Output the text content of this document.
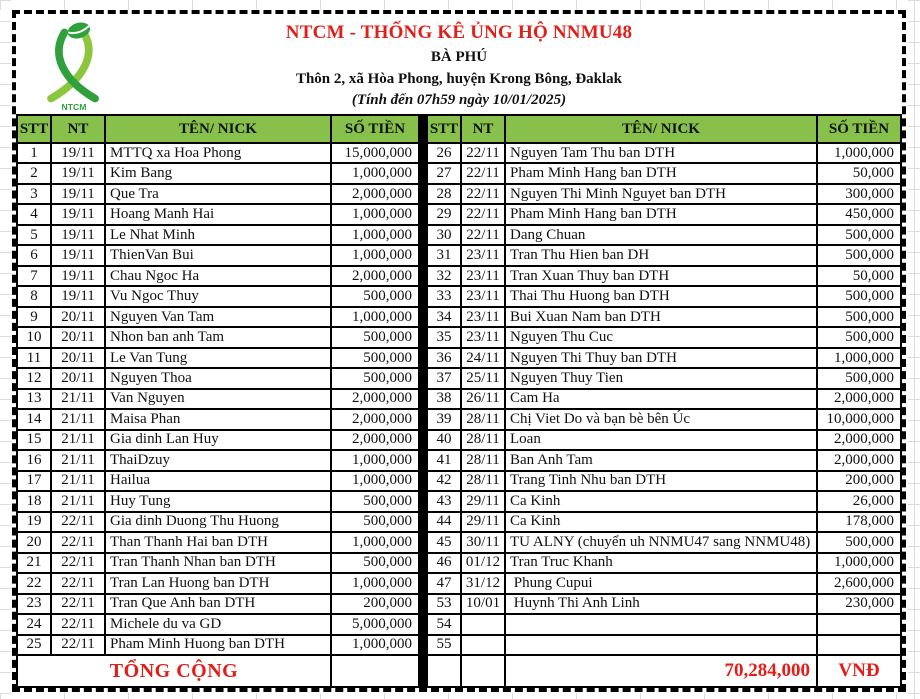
NTCM
NTCM - THỐNG KÊ ỦNG HỘ NNMU48
BÀ PHÚ
Thôn 2, xã Hòa Phong, huyện Krong Bông, Đaklak
(Tính đến 07h59 ngày 10/01/2025)
STT	NT	TÊN/ NICK	SỐ TIỀN	STT NT	TÊN/ NICK	SỐ TIỀN
1	19/11	MTTQ xa Hoa Phong	15,000,000	26 22/11 Nguyen Tam Thu ban DTH	1,000,000
2	19/11	Kim Bang	1,000,000	27 22/11 Pham Minh Hang ban DTH	50,000
3	19/11	Que Tra	2,000,000	28 22/11 Nguyen Thi Minh Nguyet ban DTH	300,000
4	19/11	Hoang Manh Hai	1,000,000	29 22/11 Pham Minh Hang ban DTH	450,000
5	19/11	Le Nhat Minh	1,000,000	30 22/11 Dang Chuan	500,000
6	19/11	ThienVan Bui	1,000,000	31 23/11 Tran Thu Hien ban DH	500,000
7	19/11	Chau Ngoc Ha	2,000,000	32 23/11 Tran Xuan Thuy ban DTH	50,000
8	19/11	Vu Ngoc Thuy	500,000	33 23/11 Thai Thu Huong ban DTH	500,000
9	20/11	Nguyen Van Tam	1,000,000	34 23/11 Bui Xuan Nam ban DTH	500,000
10	20/11	Nhon ban anh Tam	500,000	35 23/11 Nguyen Thu Cuc	500,000
11	20/11	Le Van Tung	500,000	36 24/11 Nguyen Thi Thuy ban DTH	1,000,000
12	20/11	Nguyen Thoa	500,000	37 25/11 Nguyen Thuy Tien	500,000
13	21/11	Van Nguyen	2,000,000	38 26/11 Cam Ha	2,000,000
14	21/11	Maisa Phan	2,000,000	39 28/11 Chị Viet Do và bạn bè bên Úc	10,000,000
15	21/11	Gia dinh Lan Huy	2,000,000	40 28/11 Loan	2,000,000
16	21/11	ThaiDzuy	1,000,000	41 28/11 Ban Anh Tam	2,000,000
17	21/11	Hailua	1,000,000	42 28/11 Trang Tinh Nhu ban DTH	200,000
18	21/11	Huy Tung	500,000	43 29/11 Ca Kinh	26,000
19	22/11	Gia dinh Duong Thu Huong	500,000	44 29/11 Ca Kinh	178,000
20	22/11	Than Thanh Hai ban DTH	1,000,000	45 30/11 TU ALNY (chuyển uh NNMU47 sang NNMU48)	500,000
21	22/11	Tran Thanh Nhan ban DTH	500,000	46 01/12 Tran Truc Khanh	1,000,000
22	22/11	Tran Lan Huong ban DTH	1,000,000	47 31/12 Phung Cupui	2,600,000
23	22/11	Tran Que Anh ban DTH	200,000	53 10/01 Huynh Thi Anh Linh	230,000
24	22/11	Michele du va GD	5,000,000	54
25	22/11	Pham Minh Huong ban DTH	1,000,000	55
TỔNG CỘNG	70,284,000	VNĐ
